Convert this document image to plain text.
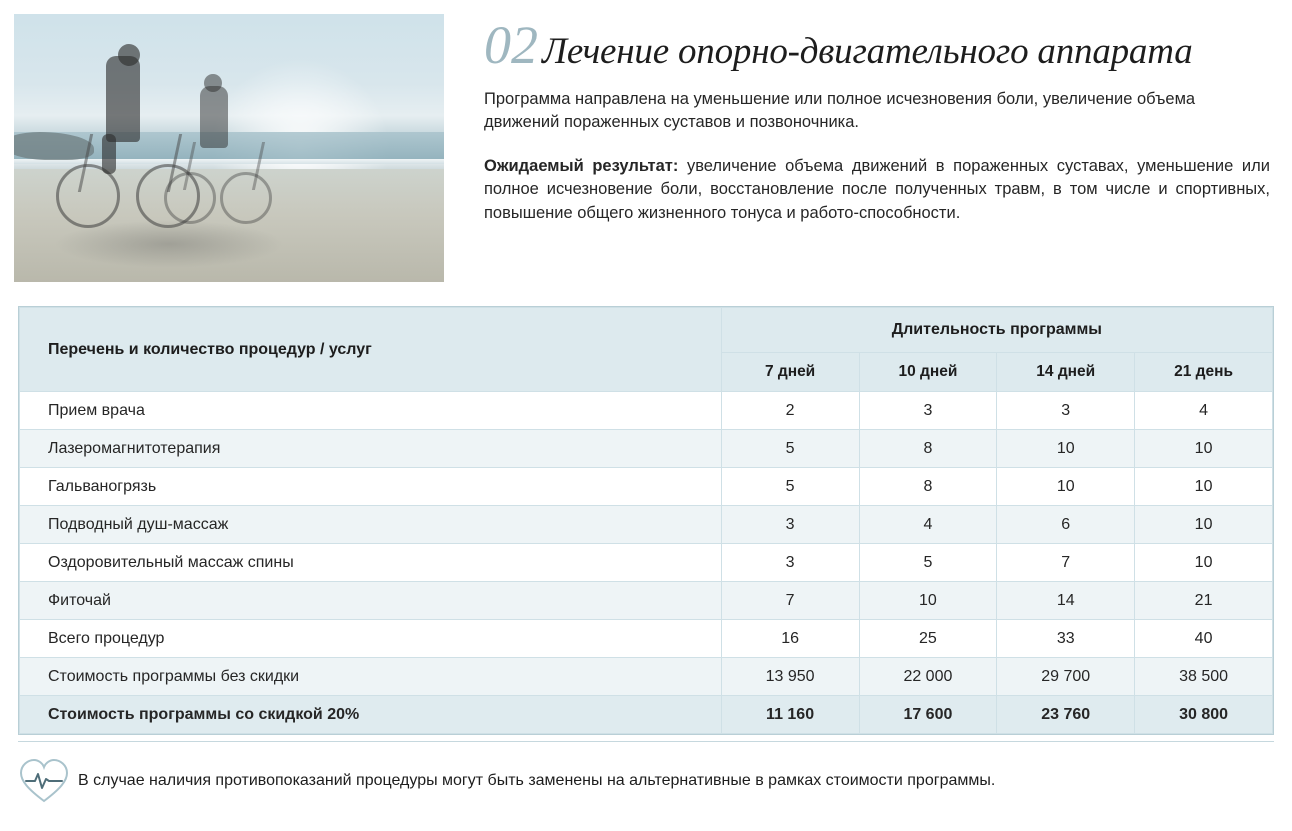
02 Лечение опорно-двигательного аппарата
Программа направлена на уменьшение или полное исчезновения боли, увеличение объема движений пораженных суставов и позвоночника.
Ожидаемый результат: увеличение объема движений в пораженных суставах, уменьшение или полное исчезновение боли, восстановление после полученных травм, в том числе и спортивных, повышение общего жизненного тонуса и работо-способности.
Перечень и количество процедур / услуг	Длительность программы			
	7 дней	10 дней	14 дней	21 день
Прием врача	2	3	3	4
Лазеромагнитотерапия	5	8	10	10
Гальваногрязь	5	8	10	10
Подводный душ-массаж	3	4	6	10
Оздоровительный массаж спины	3	5	7	10
Фиточай	7	10	14	21
Всего процедур	16	25	33	40
Стоимость программы без скидки	13 950	22 000	29 700	38 500
Стоимость программы со скидкой 20%	11 160	17 600	23 760	30 800
В случае наличия противопоказаний процедуры могут быть заменены на альтернативные в рамках стоимости программы.
